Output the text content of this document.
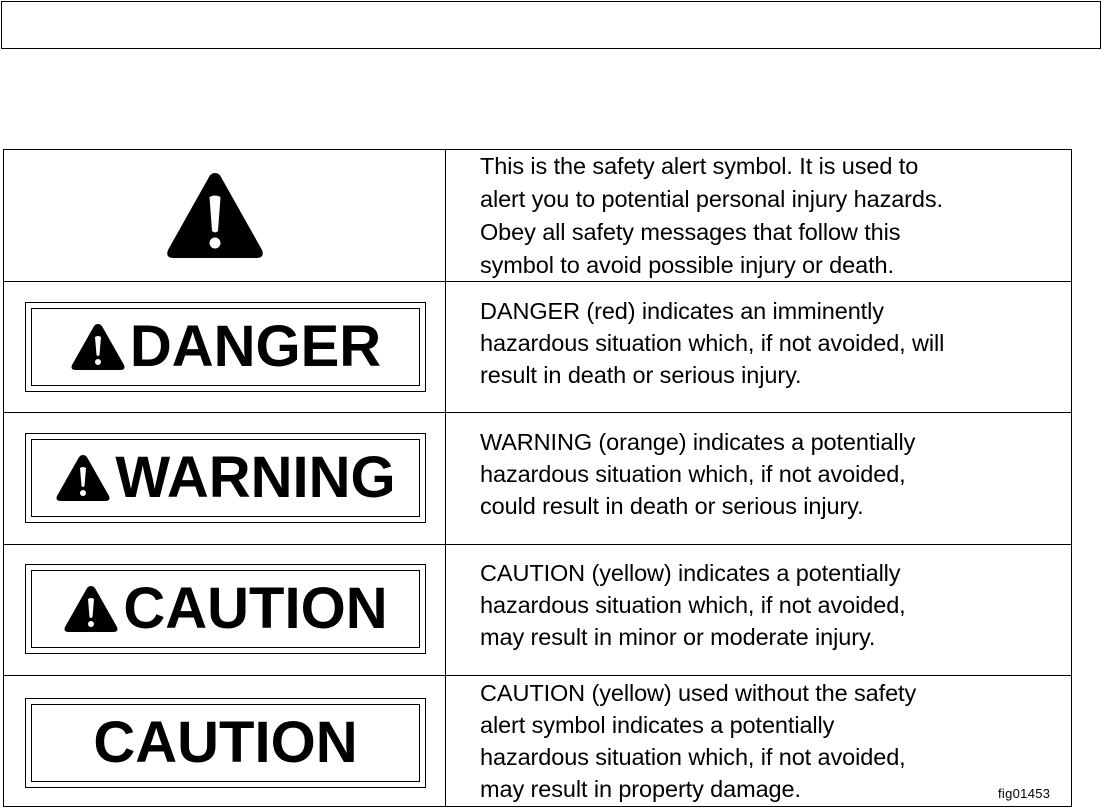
This is the safety alert symbol. It is used to
alert you to potential personal injury hazards.
Obey all safety messages that follow this
symbol to avoid possible injury or death.
DANGER
DANGER (red) indicates an imminently
hazardous situation which, if not avoided, will
result in death or serious injury.
WARNING
WARNING (orange) indicates a potentially
hazardous situation which, if not avoided,
could result in death or serious injury.
CAUTION
CAUTION (yellow) indicates a potentially
hazardous situation which, if not avoided,
may result in minor or moderate injury.
CAUTION
CAUTION (yellow) used without the safety
alert symbol indicates a potentially
hazardous situation which, if not avoided,
may result in property damage.	fig01453
